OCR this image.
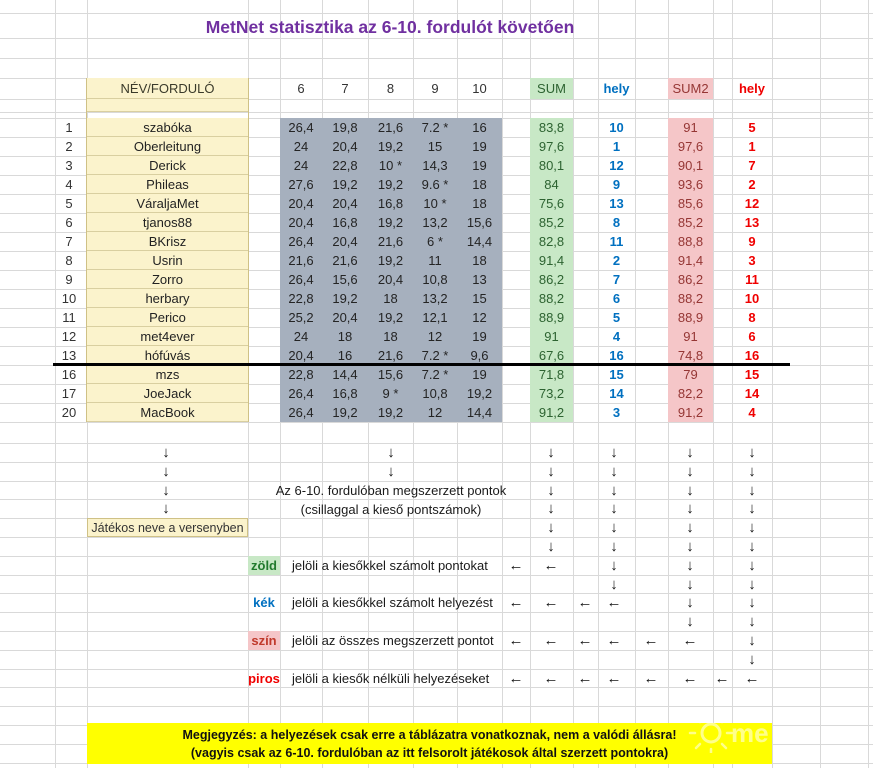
MetNet statisztika az 6-10. fordulót követően
NÉV/FORDULÓ	6	7	8	9	10	SUM	hely	SUM2	hely
1	szabóka	26,4	19,8	21,6	7.2 *	16	83,8	10	91	5
2	Oberleitung	24	20,4	19,2	15	19	97,6	1	97,6	1
3	Derick	24	22,8	10 *	14,3	19	80,1	12	90,1	7
4	Phileas	27,6	19,2	19,2	9.6 *	18	84	9	93,6	2
5	VáraljaMet	20,4	20,4	16,8	10 *	18	75,6	13	85,6	12
6	tjanos88	20,4	16,8	19,2	13,2	15,6	85,2	8	85,2	13
7	BKrisz	26,4	20,4	21,6	6 *	14,4	82,8	11	88,8	9
8	Usrin	21,6	21,6	19,2	11	18	91,4	2	91,4	3
9	Zorro	26,4	15,6	20,4	10,8	13	86,2	7	86,2	11
10	herbary	22,8	19,2	18	13,2	15	88,2	6	88,2	10
11	Perico	25,2	20,4	19,2	12,1	12	88,9	5	88,9	8
12	met4ever	24	18	18	12	19	91	4	91	6
13	hófúvás	20,4	16	21,6	7.2 *	9,6	67,6	16	74,8	16
16	mzs	22,8	14,4	15,6	7.2 *	19	71,8	15	79	15
17	JoeJack	26,4	16,8	9 *	10,8	19,2	73,2	14	82,2	14
20	MacBook	26,4	19,2	19,2	12	14,4	91,2	3	91,2	4
↓	↓	↓	↓	↓	↓
↓	↓	↓	↓	↓	↓
↓	↓	↓	↓	↓
↓	↓	↓	↓	↓
↓	↓	↓	↓
↓	↓	↓	↓
←	←	↓	↓	↓
↓	↓	↓
←	←	← ←	↓	↓
↓	↓
←	←	← ←	←	←	↓
↓
←	←	← ←	←	←	←	←
Az 6-10. fordulóban megszerzett pontok
(csillaggal a kieső pontszámok)
Játékos neve a versenyben
zöld jelöli a kiesőkkel számolt pontokat
kék	jelöli a kiesőkkel számolt helyezést
szín jelöli az összes megszerzett pontot
piros jelöli a kiesők nélküli helyezéseket
Megjegyzés: a helyezések csak erre a táblázatra vonatkoznak, nem a valódi állásra!
(vagyis csak az 6-10. fordulóban az itt felsorolt játékosok által szerzett pontokra)
me
